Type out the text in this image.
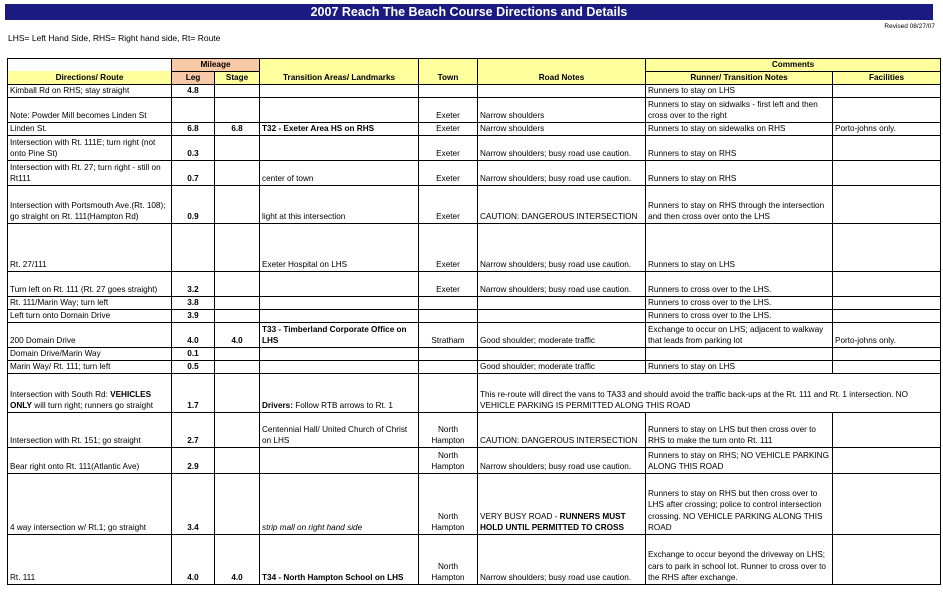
2007 Reach The Beach Course Directions and Details
Revised 08/27/07
LHS= Left Hand Side, RHS= Right hand side, Rt= Route
	Mileage					Comments	
Directions/ Route	Leg	Stage	Transition Areas/ Landmarks	Town	Road Notes	Runner/ Transition Notes	Facilities
Kimball Rd on RHS; stay straight	4.8					Runners to stay on LHS	
Note: Powder Mill becomes Linden St				Exeter	Narrow shoulders	Runners to stay on sidwalks - first left and then cross over to the right	
Linden St.	6.8	6.8	T32 - Exeter Area HS on RHS	Exeter	Narrow shoulders	Runners to stay on sidewalks on RHS	Porto-johns only.
Intersection with Rt. 111E; turn right (not onto Pine St)	0.3			Exeter	Narrow shoulders; busy road use caution.	Runners to stay on RHS	
Intersection with Rt. 27; turn right - still on Rt111	0.7		center of town	Exeter	Narrow shoulders; busy road use caution.	Runners to stay on RHS	
Intersection with Portsmouth Ave.(Rt. 108); go straight on Rt. 111(Hampton Rd)	0.9		light at this intersection	Exeter	CAUTION: DANGEROUS INTERSECTION	Runners to stay on RHS through the intersection and then cross over onto the LHS	
Rt. 27/111			Exeter Hospital on LHS	Exeter	Narrow shoulders; busy road use caution.	Runners to stay on LHS	
Turn left on Rt. 111 (Rt. 27 goes straight)	3.2			Exeter	Narrow shoulders; busy road use caution.	Runners to cross over to the LHS.	
Rt. 111/Marin Way; turn left	3.8					Runners to cross over to the LHS.	
Left turn onto Domain Drive	3.9					Runners to cross over to the LHS.	
200 Domain Drive	4.0	4.0	T33 - Timberland Corporate Office on LHS	Stratham	Good shoulder; moderate traffic	Exchange to occur on LHS; adjacent to walkway that leads from parking lot	Porto-johns only.
Domain Drive/Marin Way	0.1						
Marin Way/ Rt. 111; turn left	0.5				Good shoulder; moderate traffic	Runners to stay on LHS	
Intersection with South Rd: VEHICLES ONLY will turn right; runners go straight	1.7		Drivers: Follow RTB arrows to Rt. 1		This re-route will direct the vans to TA33 and should avoid the traffic back-ups at the Rt. 111 and Rt. 1 intersection. NO VEHICLE PARKING IS PERMITTED ALONG THIS ROAD		
Intersection with Rt. 151; go straight	2.7		Centennial Hall/ United Church of Christ on LHS	North Hampton	CAUTION: DANGEROUS INTERSECTION	Runners to stay on LHS but then cross over to RHS to make the turn onto Rt. 111	
Bear right onto Rt. 111(Atlantic Ave)	2.9			North Hampton	Narrow shoulders; busy road use caution.	Runners to stay on RHS; NO VEHICLE PARKING ALONG THIS ROAD	
4 way intersection w/ Rt.1; go straight	3.4		strip mall on right hand side	North Hampton	VERY BUSY ROAD - RUNNERS MUST HOLD UNTIL PERMITTED TO CROSS	Runners to stay on RHS but then cross over to LHS after crossing; police to control intersection crossing. NO VEHICLE PARKING ALONG THIS ROAD	
Rt. 111	4.0	4.0	T34 - North Hampton School on LHS	North Hampton	Narrow shoulders; busy road use caution.	Exchange to occur beyond the driveway on LHS; cars to park in school lot. Runner to cross over to the RHS after exchange.	
